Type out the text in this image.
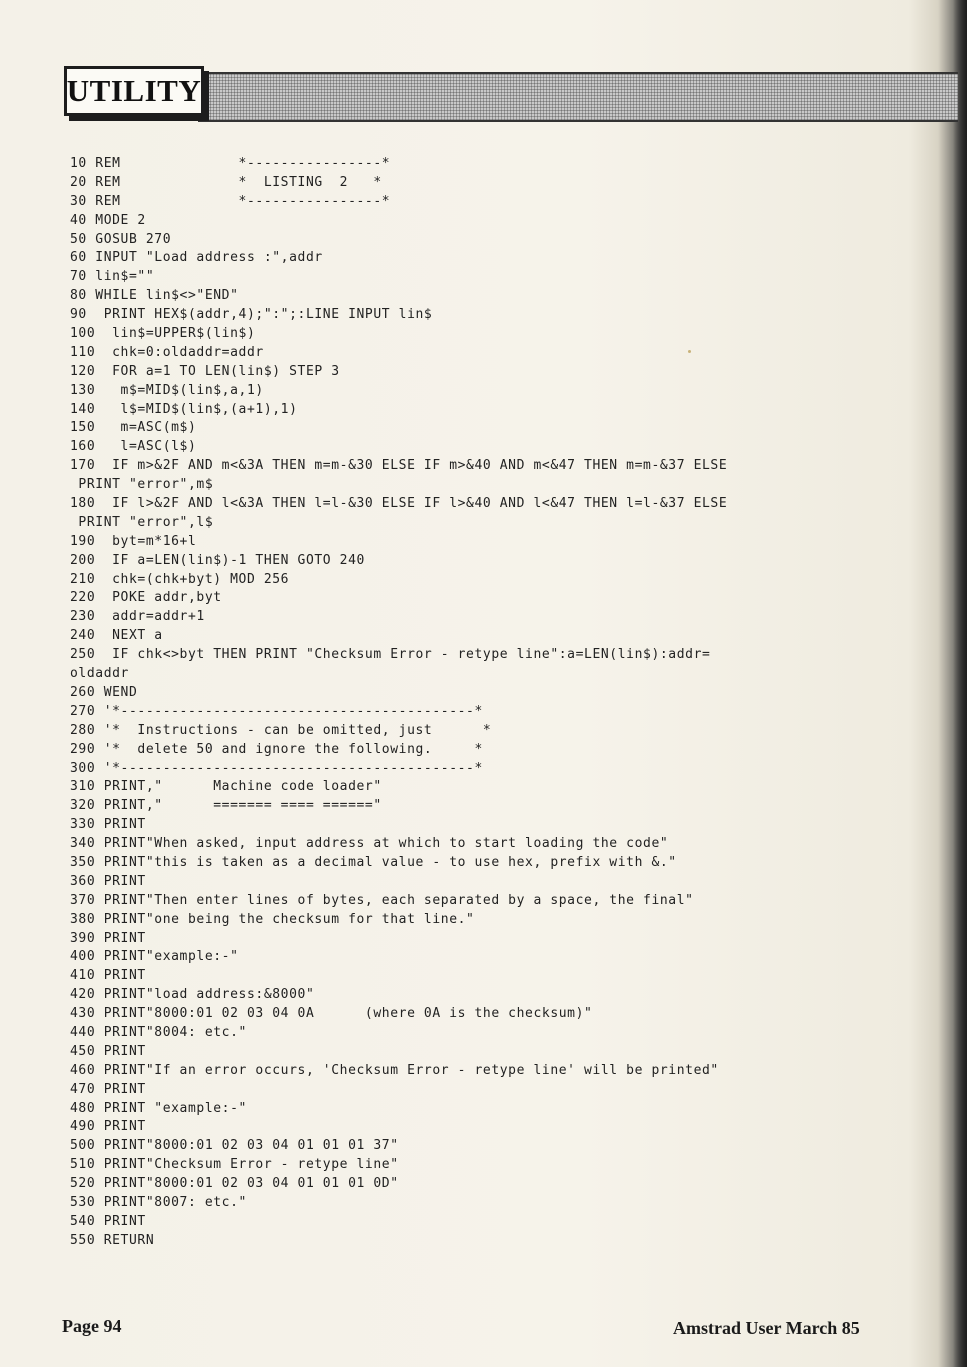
UTILITY
10 REM              *----------------*
20 REM              *  LISTING  2   *
30 REM              *----------------*
40 MODE 2
50 GOSUB 270
60 INPUT "Load address :",addr
70 lin$=""
80 WHILE lin$<>"END"
90  PRINT HEX$(addr,4);":";:LINE INPUT lin$
100  lin$=UPPER$(lin$)
110  chk=0:oldaddr=addr
120  FOR a=1 TO LEN(lin$) STEP 3
130   m$=MID$(lin$,a,1)
140   l$=MID$(lin$,(a+1),1)
150   m=ASC(m$)
160   l=ASC(l$)
170  IF m>&2F AND m<&3A THEN m=m-&30 ELSE IF m>&40 AND m<&47 THEN m=m-&37 ELSE
PRINT "error",m$
180  IF l>&2F AND l<&3A THEN l=l-&30 ELSE IF l>&40 AND l<&47 THEN l=l-&37 ELSE
PRINT "error",l$
190  byt=m*16+l
200  IF a=LEN(lin$)-1 THEN GOTO 240
210  chk=(chk+byt) MOD 256
220  POKE addr,byt
230  addr=addr+1
240  NEXT a
250  IF chk<>byt THEN PRINT "Checksum Error - retype line":a=LEN(lin$):addr=
oldaddr
260 WEND
270 '*------------------------------------------*
280 '*  Instructions - can be omitted, just      *
290 '*  delete 50 and ignore the following.     *
300 '*------------------------------------------*
310 PRINT,"      Machine code loader"
320 PRINT,"      ======= ==== ======"
330 PRINT
340 PRINT"When asked, input address at which to start loading the code"
350 PRINT"this is taken as a decimal value - to use hex, prefix with &."
360 PRINT
370 PRINT"Then enter lines of bytes, each separated by a space, the final"
380 PRINT"one being the checksum for that line."
390 PRINT
400 PRINT"example:-"
410 PRINT
420 PRINT"load address:&8000"
430 PRINT"8000:01 02 03 04 0A      (where 0A is the checksum)"
440 PRINT"8004: etc."
450 PRINT
460 PRINT"If an error occurs, 'Checksum Error - retype line' will be printed"
470 PRINT
480 PRINT "example:-"
490 PRINT
500 PRINT"8000:01 02 03 04 01 01 01 37"
510 PRINT"Checksum Error - retype line"
520 PRINT"8000:01 02 03 04 01 01 01 0D"
530 PRINT"8007: etc."
540 PRINT
550 RETURN
Page 94	Amstrad User March 85
